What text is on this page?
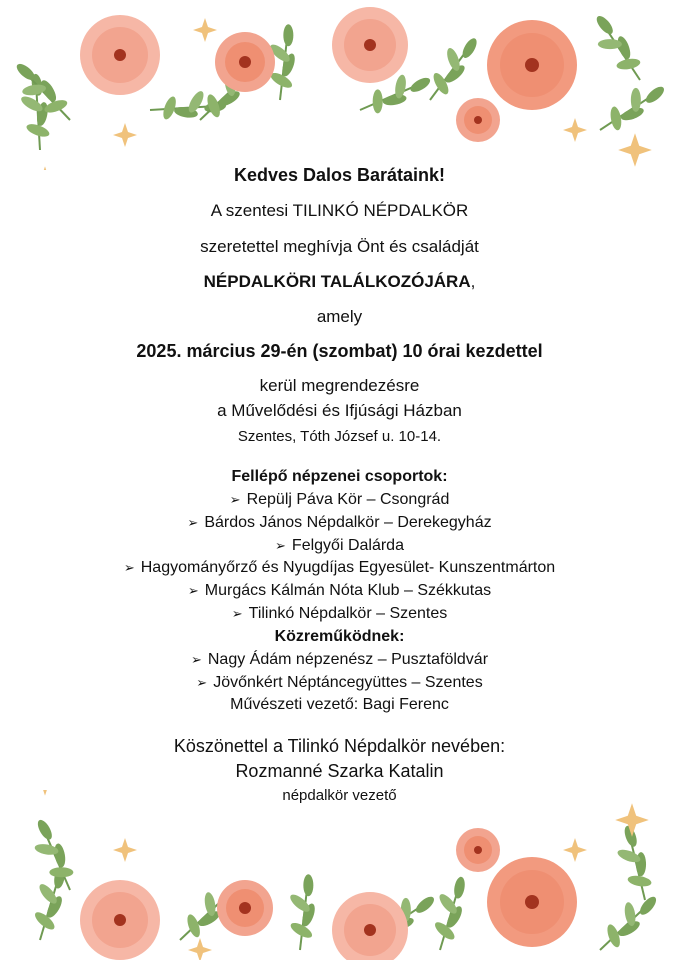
Kedves Dalos Barátaink!
A szentesi TILINKÓ NÉPDALKÖR
szeretettel meghívja Önt és családját
NÉPDALKÖRI TALÁLKOZÓJÁRA,
amely
2025. március 29-én (szombat) 10 órai kezdettel
kerül megrendezésre
a Művelődési és Ifjúsági Házban
Szentes, Tóth József u. 10-14.
Fellépő népzenei csoportok:
➢ Repülj Páva Kör – Csongrád
➢ Bárdos János Népdalkör – Derekegyház
➢ Felgyői Dalárda
➢ Hagyományőrző és Nyugdíjas Egyesület- Kunszentmárton
➢ Murgács Kálmán Nóta Klub – Székkutas
➢ Tilinkó Népdalkör – Szentes
Közreműködnek:
➢ Nagy Ádám népzenész – Pusztaföldvár
➢ Jövőnkért Néptáncegyüttes – Szentes
Művészeti vezető: Bagi Ferenc
Köszönettel a Tilinkó Népdalkör nevében:
Rozmanné Szarka Katalin
népdalkör vezető
